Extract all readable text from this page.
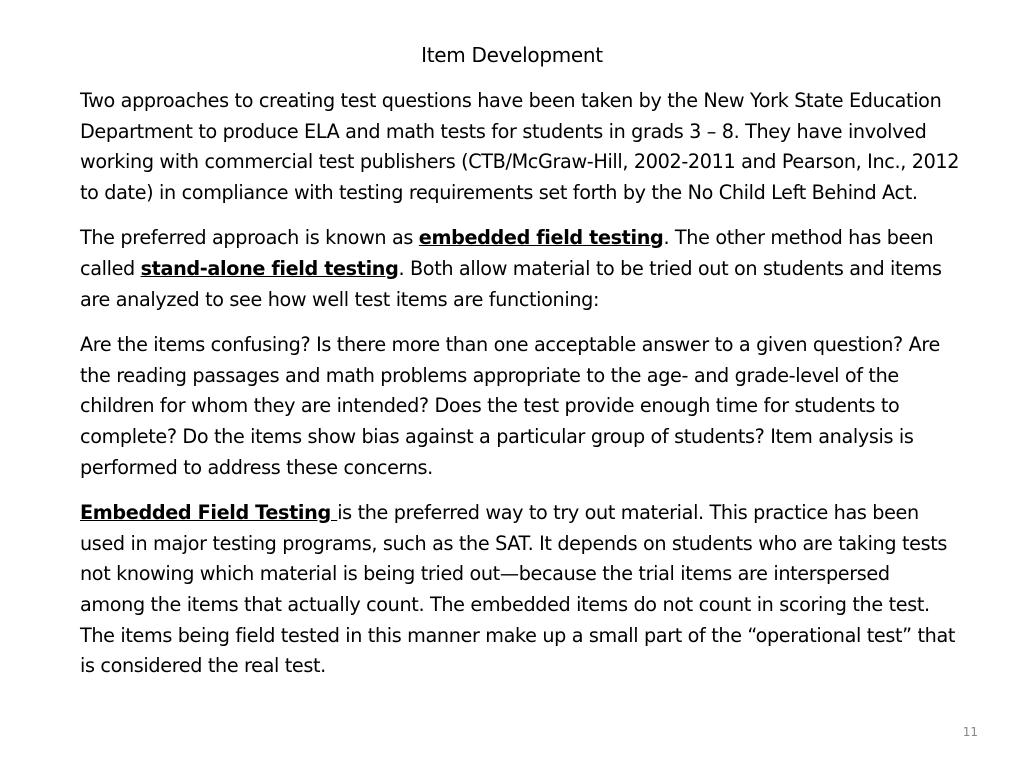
Item Development

Two approaches to creating test questions have been taken by the New York State Education Department to produce ELA and math tests for students in grads 3 – 8. They have involved working with commercial test publishers (CTB/McGraw-Hill, 2002-2011 and Pearson, Inc., 2012 to date) in compliance with testing requirements set forth by the No Child Left Behind Act.

The preferred approach is known as embedded field testing. The other method has been called stand-alone field testing. Both allow material to be tried out on students and items are analyzed to see how well test items are functioning:

Are the items confusing? Is there more than one acceptable answer to a given question? Are the reading passages and math problems appropriate to the age- and grade-level of the children for whom they are intended? Does the test provide enough time for students to complete? Do the items show bias against a particular group of students? Item analysis is performed to address these concerns.

Embedded Field Testing is the preferred way to try out material. This practice has been used in major testing programs, such as the SAT. It depends on students who are taking tests not knowing which material is being tried out—because the trial items are interspersed among the items that actually count. The embedded items do not count in scoring the test. The items being field tested in this manner make up a small part of the “operational test” that is considered the real test.

11
